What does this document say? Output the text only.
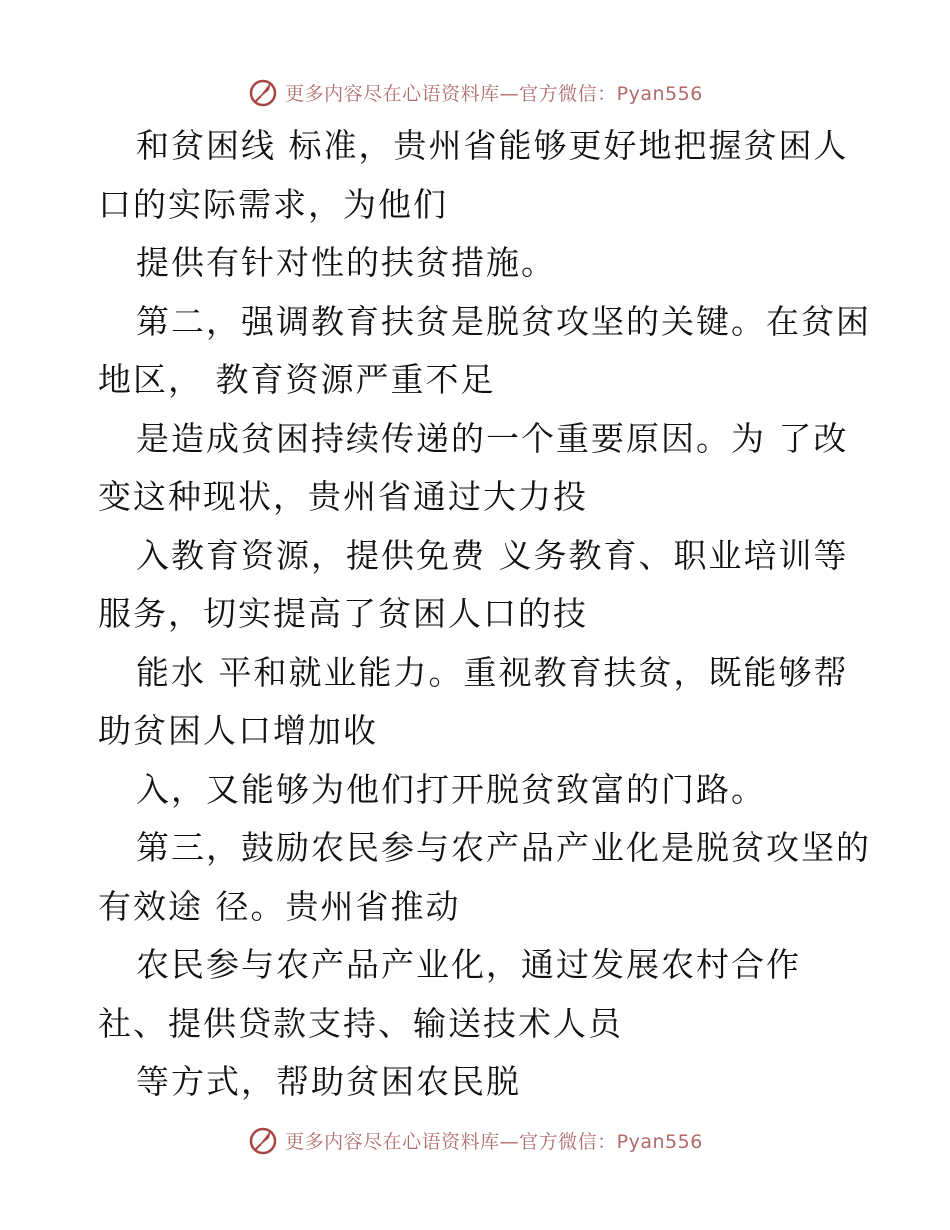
更多内容尽在心语资料库—官方微信：Pyan556
和贫困线 标准，贵州省能够更好地把握贫困人
口的实际需求，为他们
提供有针对性的扶贫措施。
第二，强调教育扶贫是脱贫攻坚的关键。在贫困
地区， 教育资源严重不足
是造成贫困持续传递的一个重要原因。为 了改
变这种现状，贵州省通过大力投
入教育资源，提供免费 义务教育、职业培训等
服务，切实提高了贫困人口的技
能水 平和就业能力。重视教育扶贫，既能够帮
助贫困人口增加收
入，又能够为他们打开脱贫致富的门路。
第三，鼓励农民参与农产品产业化是脱贫攻坚的
有效途 径。贵州省推动
农民参与农产品产业化，通过发展农村合作
社、提供贷款支持、输送技术人员
等方式，帮助贫困农民脱
更多内容尽在心语资料库—官方微信：Pyan556
